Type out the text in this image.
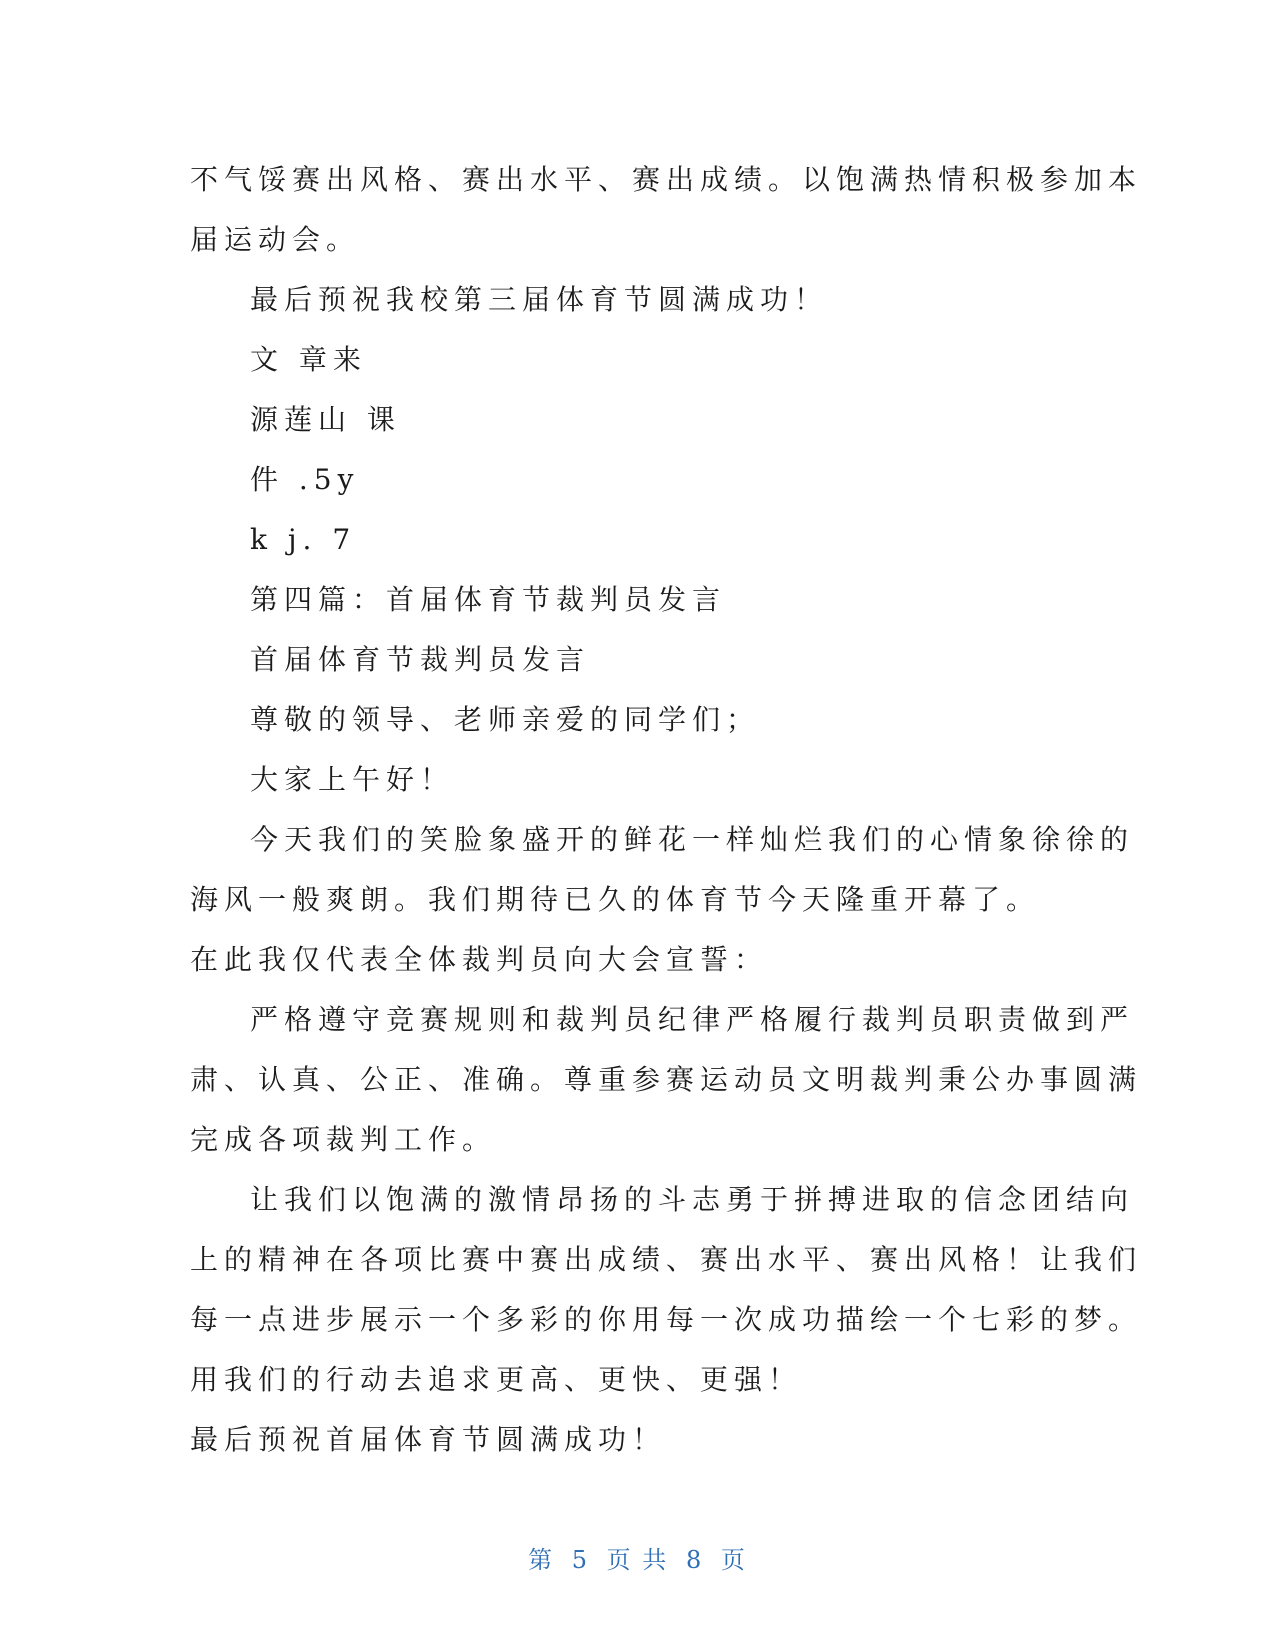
不气馁赛出风格、赛出水平、赛出成绩。以饱满热情积极参加本
届运动会。
最后预祝我校第三届体育节圆满成功！
文 章来
源莲山 课
件 .5y
k j. 7
第四篇：首届体育节裁判员发言
首届体育节裁判员发言
尊敬的领导、老师亲爱的同学们；
大家上午好！
今天我们的笑脸象盛开的鲜花一样灿烂我们的心情象徐徐的
海风一般爽朗。我们期待已久的体育节今天隆重开幕了。
在此我仅代表全体裁判员向大会宣誓：
严格遵守竞赛规则和裁判员纪律严格履行裁判员职责做到严
肃、认真、公正、准确。尊重参赛运动员文明裁判秉公办事圆满
完成各项裁判工作。
让我们以饱满的激情昂扬的斗志勇于拼搏进取的信念团结向
上的精神在各项比赛中赛出成绩、赛出水平、赛出风格！让我们
每一点进步展示一个多彩的你用每一次成功描绘一个七彩的梦。
用我们的行动去追求更高、更快、更强！
最后预祝首届体育节圆满成功！
第 5 页 共 8 页
